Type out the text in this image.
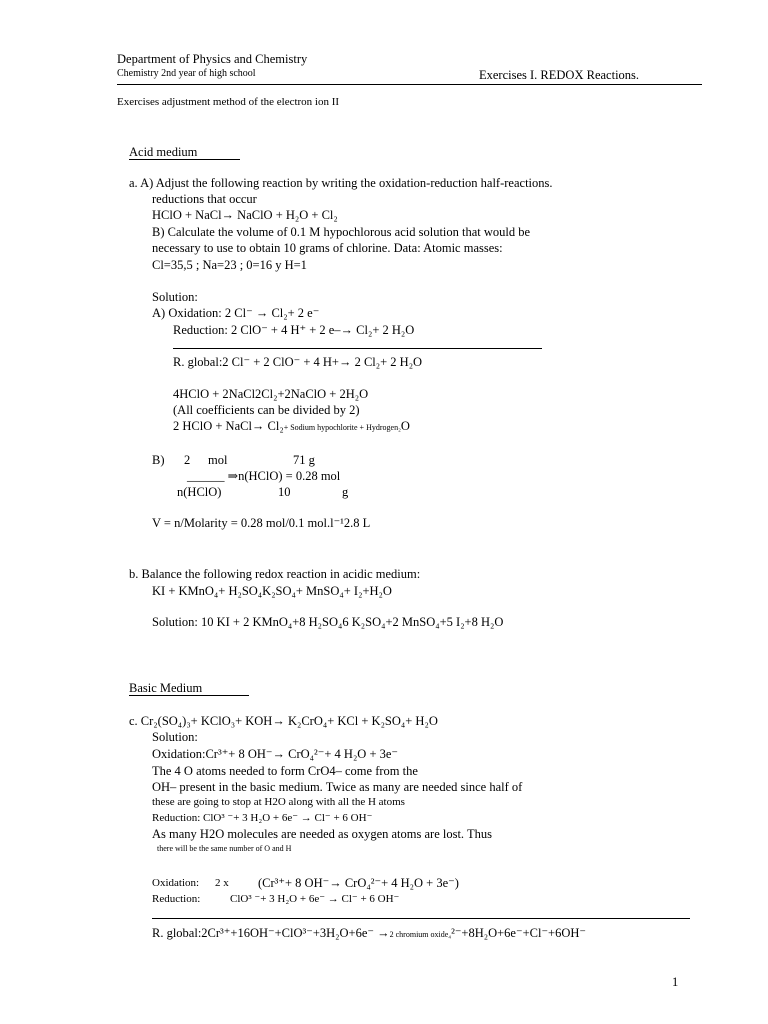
Department of Physics and Chemistry
Chemistry 2nd year of high school	Exercises I. REDOX Reactions.
Exercises adjustment method of the electron ion II
Acid medium
a. A) Adjust the following reaction by writing the oxidation-reduction half-reactions.
reductions that occur
HClO + NaCl→ NaClO + H₂O + Cl₂
B) Calculate the volume of 0.1 M hypochlorous acid solution that would be
necessary to use to obtain 10 grams of chlorine. Data: Atomic masses:
Cl=35,5 ; Na=23 ; 0=16 y H=1
Solution:
A) Oxidation: 2 Cl⁻ → Cl₂+ 2 e⁻
Reduction: 2 ClO⁻ + 4 H⁺ + 2 e–→ Cl₂+ 2 H₂O
R. global:2 Cl⁻ + 2 ClO⁻ + 4 H+→ 2 Cl₂+ 2 H₂O
4HClO + 2NaCl2Cl₂+2NaClO + 2H₂O
(All coefficients can be divided by 2)
2 HClO + NaCl→ Cl₂+ Sodium hypochlorite + Hydrogen₂O
B) 2 mol	71 g
______ ⇒n(HClO) = 0.28 mol
n(HClO)	10	g
V = n/Molarity = 0.28 mol/0.1 mol.l⁻¹2.8 L
b. Balance the following redox reaction in acidic medium:
KI + KMnO₄+ H₂SO₄K₂SO₄+ MnSO₄+ I₂+H₂O
Solution: 10 KI + 2 KMnO₄+8 H₂SO₄6 K₂SO₄+2 MnSO₄+5 I₂+8 H₂O
Basic Medium
c. Cr₂(SO₄)₃+ KClO₃+ KOH→ K₂CrO₄+ KCl + K₂SO₄+ H₂O
Solution:
Oxidation:Cr³⁺+ 8 OH⁻→ CrO₄²⁻+ 4 H₂O + 3e⁻
The 4 O atoms needed to form CrO4– come from the
OH– present in the basic medium. Twice as many are needed since half of
these are going to stop at H2O along with all the H atoms
Reduction: ClO³ ⁻+ 3 H₂O + 6e⁻ → Cl⁻ + 6 OH⁻
As many H2O molecules are needed as oxygen atoms are lost. Thus
there will be the same number of O and H
Oxidation: 2 x (Cr³⁺+ 8 OH⁻→ CrO₄²⁻+ 4 H₂O + 3e⁻)
Reduction:	ClO³ ⁻+ 3 H₂O + 6e⁻ → Cl⁻ + 6 OH⁻
R. global:2Cr³⁺+16OH⁻+ClO³⁻+3H₂O+6e⁻ →2 chromium oxide₄²⁻+8H₂O+6e⁻+Cl⁻+6OH⁻
1
